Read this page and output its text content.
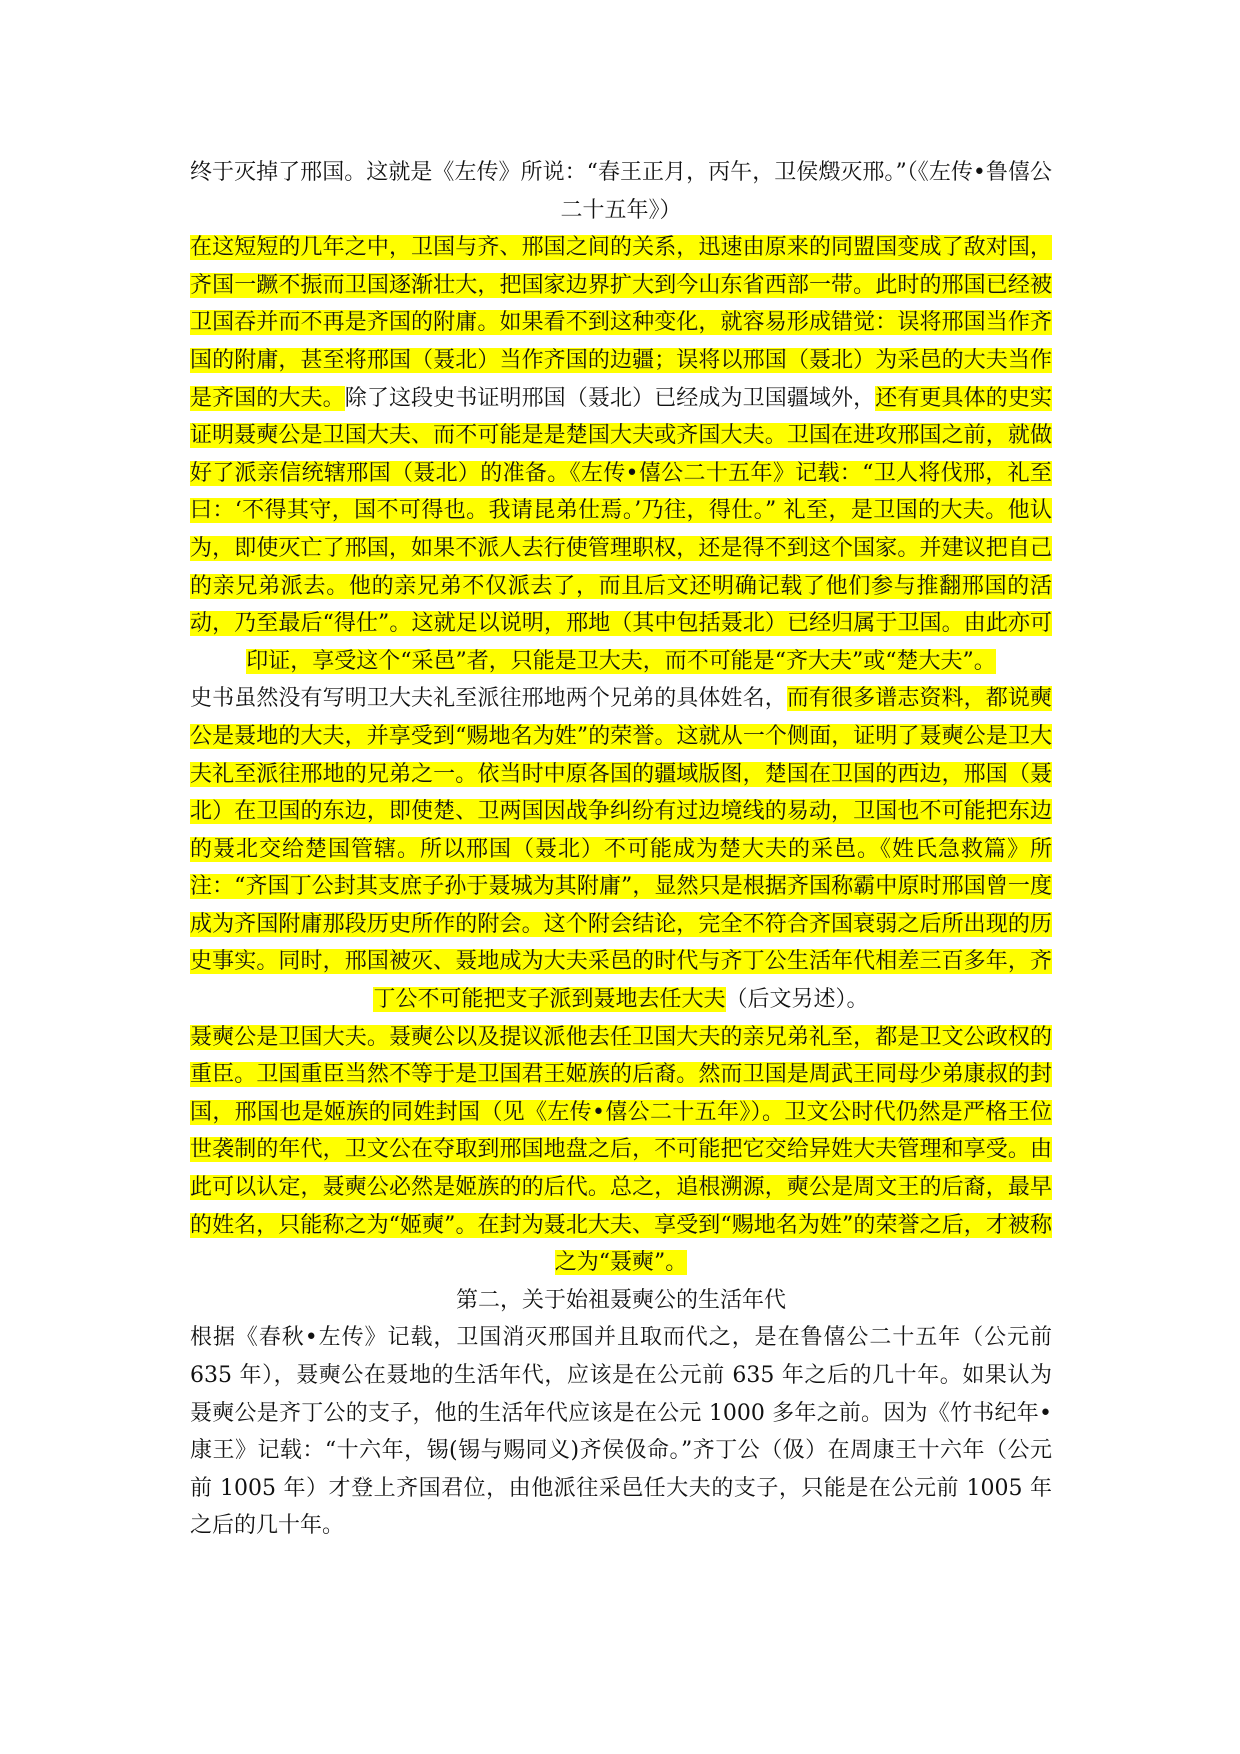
终于灭掉了邢国。这就是《左传》所说：“春王正月，丙午，卫侯燬灭邢。”（《左传•鲁僖公二十五年》）

在这短短的几年之中，卫国与齐、邢国之间的关系，迅速由原来的同盟国变成了敌对国，齐国一蹶不振而卫国逐渐壮大，把国家边界扩大到今山东省西部一带。此时的邢国已经被卫国吞并而不再是齐国的附庸。如果看不到这种变化，就容易形成错觉：误将邢国当作齐国的附庸，甚至将邢国（聂北）当作齐国的边疆；误将以邢国（聂北）为采邑的大夫当作是齐国的大夫。除了这段史书证明邢国（聂北）已经成为卫国疆域外，还有更具体的史实证明聂奭公是卫国大夫、而不可能是是楚国大夫或齐国大夫。卫国在进攻邢国之前，就做好了派亲信统辖邢国（聂北）的准备。《左传•僖公二十五年》记载：“卫人将伐邢，礼至曰：‘不得其守，国不可得也。我请昆弟仕焉。’乃往，得仕。” 礼至，是卫国的大夫。他认为，即使灭亡了邢国，如果不派人去行使管理职权，还是得不到这个国家。并建议把自己的亲兄弟派去。他的亲兄弟不仅派去了，而且后文还明确记载了他们参与推翻邢国的活动，乃至最后“得仕”。这就足以说明，邢地（其中包括聂北）已经归属于卫国。由此亦可印证，享受这个“采邑”者，只能是卫大夫，而不可能是“齐大夫”或“楚大夫”。

史书虽然没有写明卫大夫礼至派往邢地两个兄弟的具体姓名，而有很多谱志资料，都说奭公是聂地的大夫，并享受到“赐地名为姓”的荣誉。这就从一个侧面，证明了聂奭公是卫大夫礼至派往邢地的兄弟之一。依当时中原各国的疆域版图，楚国在卫国的西边，邢国（聂北）在卫国的东边，即使楚、卫两国因战争纠纷有过边境线的易动，卫国也不可能把东边的聂北交给楚国管辖。所以邢国（聂北）不可能成为楚大夫的采邑。《姓氏急救篇》所注：“齐国丁公封其支庶子孙于聂城为其附庸”，显然只是根据齐国称霸中原时邢国曾一度成为齐国附庸那段历史所作的附会。这个附会结论，完全不符合齐国衰弱之后所出现的历史事实。同时，邢国被灭、聂地成为大夫采邑的时代与齐丁公生活年代相差三百多年，齐丁公不可能把支子派到聂地去任大夫（后文另述）。

聂奭公是卫国大夫。聂奭公以及提议派他去任卫国大夫的亲兄弟礼至，都是卫文公政权的重臣。卫国重臣当然不等于是卫国君王姬族的后裔。然而卫国是周武王同母少弟康叔的封国，邢国也是姬族的同姓封国（见《左传•僖公二十五年》）。卫文公时代仍然是严格王位世袭制的年代，卫文公在夺取到邢国地盘之后，不可能把它交给异姓大夫管理和享受。由此可以认定，聂奭公必然是姬族的的后代。总之，追根溯源，奭公是周文王的后裔，最早的姓名，只能称之为“姬奭”。在封为聂北大夫、享受到“赐地名为姓”的荣誉之后，才被称之为“聂奭”。

第二，关于始祖聂奭公的生活年代

根据《春秋•左传》记载，卫国消灭邢国并且取而代之，是在鲁僖公二十五年（公元前 635 年），聂奭公在聂地的生活年代，应该是在公元前 635 年之后的几十年。如果认为聂奭公是齐丁公的支子，他的生活年代应该是在公元 1000 多年之前。因为《竹书纪年•康王》记载：“十六年，锡(锡与赐同义)齐侯伋命。”齐丁公（伋）在周康王十六年（公元前 1005 年）才登上齐国君位，由他派往采邑任大夫的支子，只能是在公元前 1005 年之后的几十年。
